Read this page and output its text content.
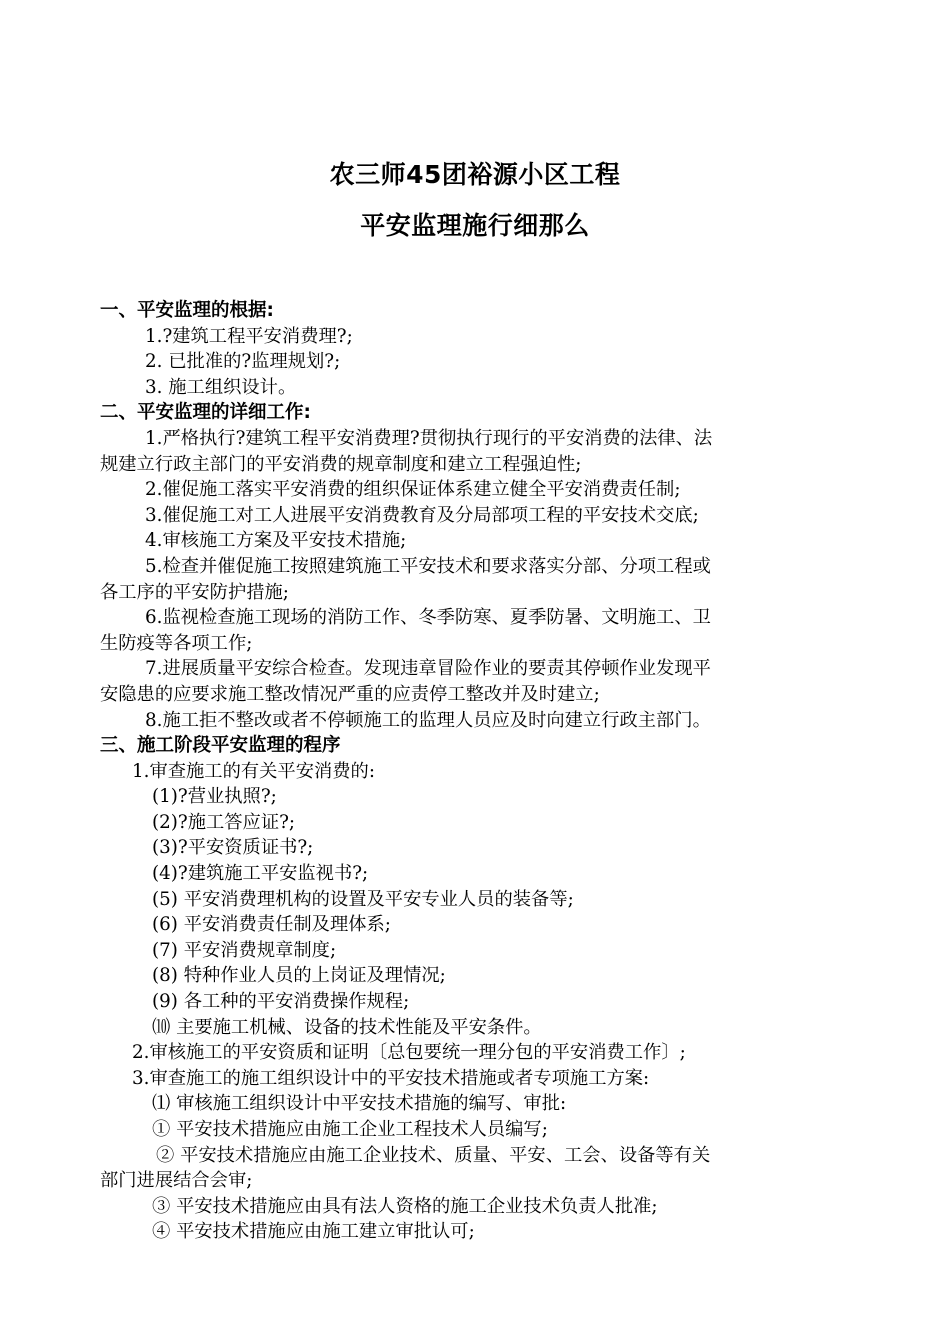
农三师45团裕源小区工程
平安监理施行细那么

一、平安监理的根据:

1.?建筑工程平安消费理?;

2. 已批准的?监理规划?;

3. 施工组织设计。

二、平安监理的详细工作:

1.严格执行?建筑工程平安消费理?贯彻执行现行的平安消费的法律、法

规建立行政主部门的平安消费的规章制度和建立工程强迫性;

2.催促施工落实平安消费的组织保证体系建立健全平安消费责任制;

3.催促施工对工人进展平安消费教育及分局部项工程的平安技术交底;

4.审核施工方案及平安技术措施;

5.检查并催促施工按照建筑施工平安技术和要求落实分部、分项工程或

各工序的平安防护措施;

6.监视检查施工现场的消防工作、冬季防寒、夏季防暑、文明施工、卫

生防疫等各项工作;

7.进展质量平安综合检查。发现违章冒险作业的要责其停顿作业发现平

安隐患的应要求施工整改情况严重的应责停工整改并及时建立;

8.施工拒不整改或者不停顿施工的监理人员应及时向建立行政主部门。

三、施工阶段平安监理的程序

1.审查施工的有关平安消费的:

(1)?营业执照?;

(2)?施工答应证?;

(3)?平安资质证书?;

(4)?建筑施工平安监视书?;

(5) 平安消费理机构的设置及平安专业人员的装备等;

(6) 平安消费责任制及理体系;

(7) 平安消费规章制度;

(8) 特种作业人员的上岗证及理情况;

(9) 各工种的平安消费操作规程;

⑽ 主要施工机械、设备的技术性能及平安条件。

2.审核施工的平安资质和证明〔总包要统一理分包的平安消费工作〕;

3.审查施工的施工组织设计中的平安技术措施或者专项施工方案:

⑴ 审核施工组织设计中平安技术措施的编写、审批:

① 平安技术措施应由施工企业工程技术人员编写;

② 平安技术措施应由施工企业技术、质量、平安、工会、设备等有关

部门进展结合会审;

③ 平安技术措施应由具有法人资格的施工企业技术负责人批准;

④ 平安技术措施应由施工建立审批认可;
